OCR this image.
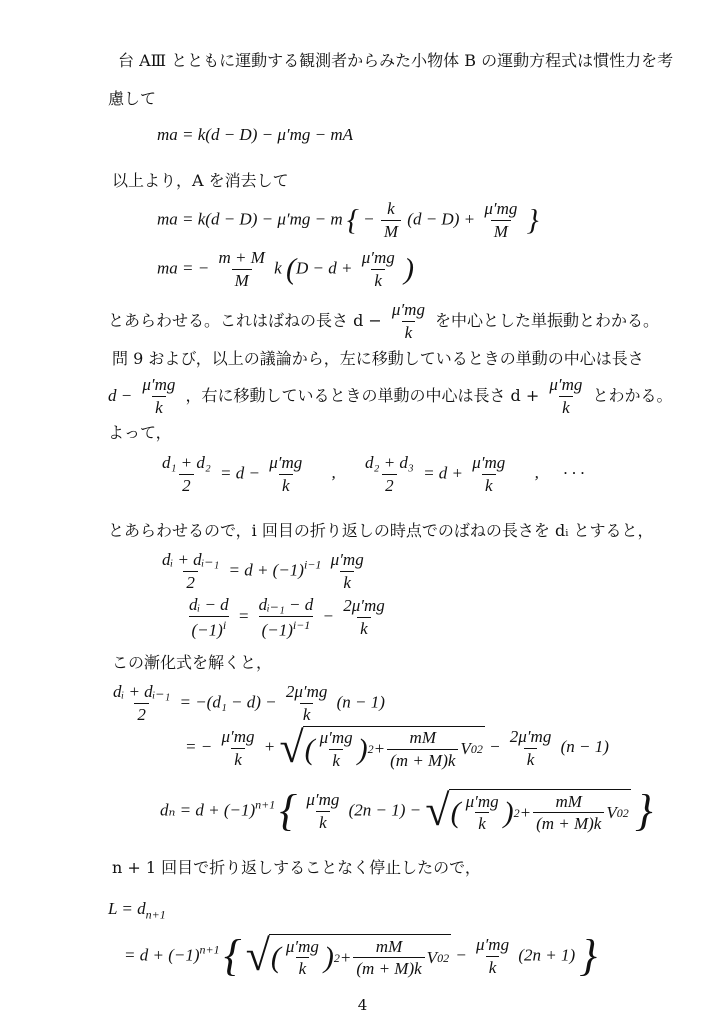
台 AⅢ とともに運動する観測者からみた小物体 B の運動方程式は慣性力を考
慮して
ma = k(d − D) − μ′mg − mA
以上より，A を消去して
ma = k(d − D) − μ′mg − m { − $\frac{k}{M} (d - D) + \frac{\mu'mg}{M}$ }
ma = − $\frac{m + M}{M}$ k ($D - d + \frac{\mu'mg}{k}$ )
とあらわせる。これはばねの長さ $d - \frac{\mu'mg}{k}$ を中心とした単振動とわかる。
問 9 および，以上の議論から，左に移動しているときの単動の中心は長さ
$d - \frac{\mu'mg}{k}$ ，右に移動しているときの単動の中心は長さ $d + \frac{\mu'mg}{k}$ とわかる。
よって，
$\frac{\text{d₁ + d₂}}{2} = d - \frac{\mu'mg}{k}$ , $\frac{\text{d₂ + d₃}}{2} = d + \frac{\mu'mg}{k}$ , · · ·
とあらわせるので，i 回目の折り返しの時点でのばねの長さを dᵢ とすると，
$\frac{\text{dᵢ + dᵢ₋₁}}{2} = d + (-1)^{i-1} \frac{\mu'mg}{k}$
$\frac{\text{dᵢ − d}}{(-1)^i} = \frac{\text{dᵢ₋₁ − d}}{(-1)^{i-1}} - \frac{2\mu'mg}{k}$
この漸化式を解くと，
$\frac{\text{dᵢ + dᵢ₋₁}}{2} = -(d_1 - d) - \frac{2\mu'mg}{k} (n - 1)$
= − $\frac{\mu'mg}{k}$ + √ ( $\frac{\mu'mg}{k}$ ) $2 + \frac{mM}{(m + M)k}$ V 0 $2 - \frac{2\mu'mg}{k} (n - 1)$
$d_n = d + (-1)^{n+1}$ { $\frac{\mu'mg}{k} (2n - 1)$ − √ ( $\frac{\mu'mg}{k}$ ) $2 + \frac{mM}{(m + M)k}$ V 0 2 }
n + 1 回目で折り返しすることなく停止したので，
$L = d_{n+1}$
= $d + (-1)^{n+1}$ { √ ( $\frac{\mu'mg}{k}$ ) $2 + \frac{mM}{(m + M)k}$ V 0 $2 - \frac{\mu'mg}{k} (2n + 1)$ }
4
